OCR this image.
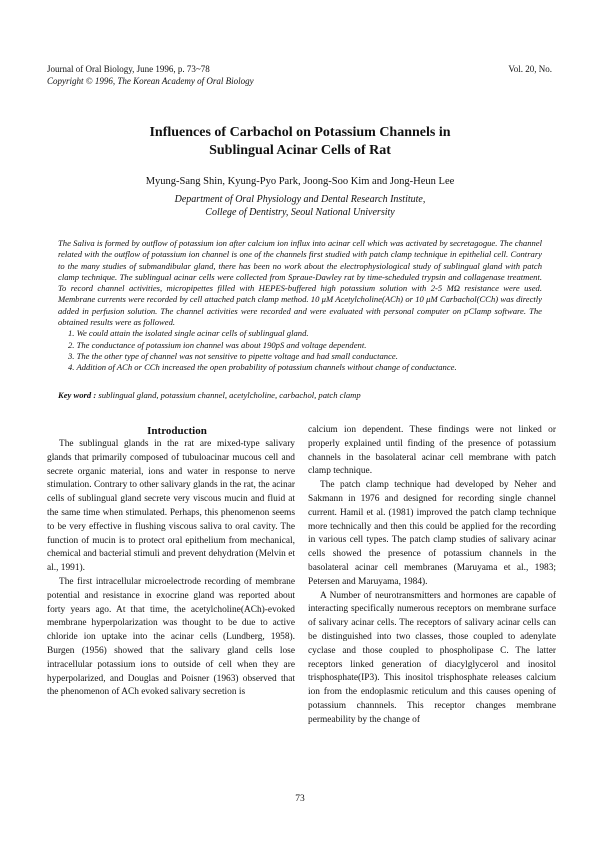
Journal of Oral Biology, June 1996, p. 73~78
Copyright © 1996, The Korean Academy of Oral Biology
Vol. 20, No.
Influences of Carbachol on Potassium Channels in
Sublingual Acinar Cells of Rat
Myung-Sang Shin, Kyung-Pyo Park, Joong-Soo Kim and Jong-Heun Lee
Department of Oral Physiology and Dental Research Institute,
College of Dentistry, Seoul National University

The Saliva is formed by outflow of potassium ion after calcium ion influx into acinar cell which was activated by secretagogue. The channel related with the outflow of potassium ion channel is one of the channels first studied with patch clamp technique in epithelial cell. Contrary to the many studies of submandibular gland, there has been no work about the electrophysiological study of sublingual gland with patch clamp technique. The sublingual acinar cells were collected from Spraue-Dawley rat by time-scheduled trypsin and collagenase treatment. To record channel activities, micropipettes filled with HEPES-buffered high potassium solution with 2-5 MΩ resistance were used. Membrane currents were recorded by cell attached patch clamp method. 10 μM Acetylcholine(ACh) or 10 μM Carbachol(CCh) was directly added in perfusion solution. The channel activities were recorded and were evaluated with personal computer on pClamp software. The obtained results were as followed.

1. We could attain the isolated single acinar cells of sublingual gland.
2. The conductance of potassium ion channel was about 190pS and voltage dependent.
3. The the other type of channel was not sensitive to pipette voltage and had small conductance.
4. Addition of ACh or CCh increased the open probability of potassium channels without change of conductance.
Key word : sublingual gland, potassium channel, acetylcholine, carbachol, patch clamp

Introduction

The sublingual glands in the rat are mixed-type salivary glands that primarily composed of tubuloacinar mucous cell and secrete organic material, ions and water in response to nerve stimulation. Contrary to other salivary glands in the rat, the acinar cells of sublingual gland secrete very viscous mucin and fluid at the same time when stimulated. Perhaps, this phenomenon seems to be very effective in flushing viscous saliva to oral cavity. The function of mucin is to protect oral epithelium from mechanical, chemical and bacterial stimuli and prevent dehydration (Melvin et al., 1991).

The first intracellular microelectrode recording of membrane potential and resistance in exocrine gland was reported about forty years ago. At that time, the acetylcholine(ACh)-evoked membrane hyperpolarization was thought to be due to active chloride ion uptake into the acinar cells (Lundberg, 1958). Burgen (1956) showed that the salivary gland cells lose intracellular potassium ions to outside of cell when they are hyperpolarized, and Douglas and Poisner (1963) observed that the phenomenon of ACh evoked salivary secretion is

calcium ion dependent. These findings were not linked or properly explained until finding of the presence of potassium channels in the basolateral acinar cell membrane with patch clamp technique.

The patch clamp technique had developed by Neher and Sakmann in 1976 and designed for recording single channel current. Hamil et al. (1981) improved the patch clamp technique more technically and then this could be applied for the recording in various cell types. The patch clamp studies of salivary acinar cells showed the presence of potassium channels in the basolateral acinar cell membranes (Maruyama et al., 1983; Petersen and Maruyama, 1984).

A Number of neurotransmitters and hormones are capable of interacting specifically numerous receptors on membrane surface of salivary acinar cells. The receptors of salivary acinar cells can be distinguished into two classes, those coupled to adenylate cyclase and those coupled to phospholipase C. The latter receptors linked generation of diacylglycerol and inositol trisphosphate(IP3). This inositol trisphosphate releases calcium ion from the endoplasmic reticulum and this causes opening of potassium channnels. This receptor changes membrane permeability by the change of

73
